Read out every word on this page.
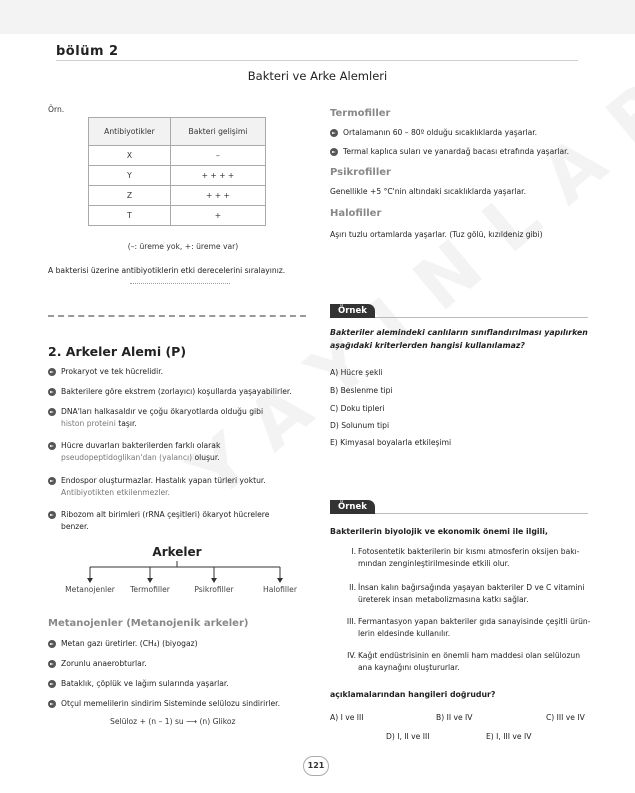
bölüm 2
Bakteri ve Arke Alemleri
Örn.
Antibiyotikler	Bakteri gelişimi
X	–
Y	+ + + +
Z	+ + +
T	+
(–: üreme yok, +: üreme var)
A bakterisi üzerine antibiyotiklerin etki derecelerini sıralayınız.
2. Arkeler Alemi (P)
Prokaryot ve tek hücrelidir.
Bakterilere göre ekstrem (zorlayıcı) koşullarda yaşayabilirler.
DNA'ları halkasaldır ve çoğu ökaryotlarda olduğu gibi
histon proteini taşır.
Hücre duvarları bakterilerden farklı olarak
pseudopeptidoglikan'dan (yalancı) oluşur.
Endospor oluşturmazlar. Hastalık yapan türleri yoktur.
Antibiyotikten etkilenmezler.
Ribozom alt birimleri (rRNA çeşitleri) ökaryot hücrelere
benzer.
Arkeler
Metanojenler	Termofiller	Psikrofiller	Halofiller
Metanojenler (Metanojenik arkeler)
Metan gazı üretirler. (CH₄) (biyogaz)
Zorunlu anaerobturlar.
Bataklık, çöplük ve lağım sularında yaşarlar.
Otçul memelilerin sindirim Sisteminde selülozu sindirirler.
Selüloz + (n – 1) su ⟶ (n) Glikoz
Termofiller
Ortalamanın 60 – 80º olduğu sıcaklıklarda yaşarlar.
Termal kaplıca suları ve yanardağ bacası etrafında yaşarlar.
Psikrofiller
Genellikle +5 °C'nin altındaki sıcaklıklarda yaşarlar.
Halofiller
Aşırı tuzlu ortamlarda yaşarlar. (Tuz gölü, kızıldeniz gibi)
Örnek
Bakteriler alemindeki canlıların sınıflandırılması yapılırken
aşağıdaki kriterlerden hangisi kullanılamaz?
A) Hücre şekli
B) Beslenme tipi
C) Doku tipleri
D) Solunum tipi
E) Kimyasal boyalarla etkileşimi
Örnek
Bakterilerin biyolojik ve ekonomik önemi ile ilgili,
I. Fotosentetik bakterilerin bir kısmı atmosferin oksijen bakı-
mından zenginleştirilmesinde etkili olur.
II. İnsan kalın bağırsağında yaşayan bakteriler D ve C vitamini
üreterek insan metabolizmasına katkı sağlar.
III. Fermantasyon yapan bakteriler gıda sanayisinde çeşitli ürün-
lerin eldesinde kullanılır.
IV. Kağıt endüstrisinin en önemli ham maddesi olan selülozun
ana kaynağını oluştururlar.
açıklamalarından hangileri doğrudur?
A) I ve III	B) II ve IV	C) III ve IV
D) I, II ve III	E) I, III ve IV
121
